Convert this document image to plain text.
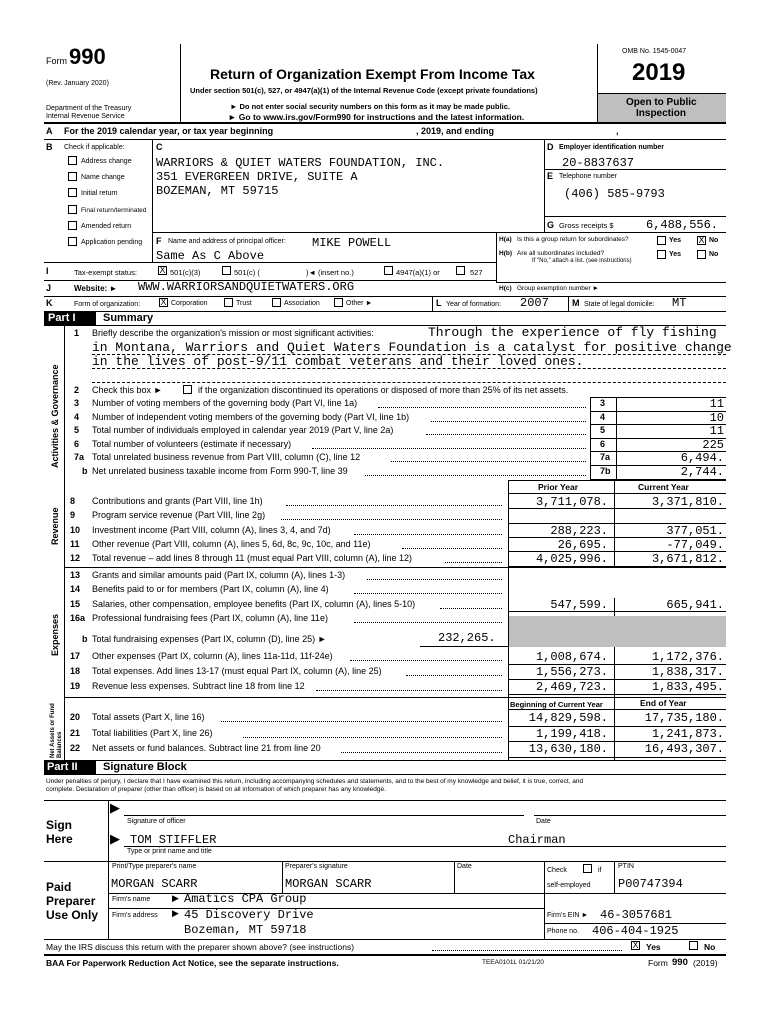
Form 990
(Rev. January 2020)
Department of the Treasury
Internal Revenue Service
Return of Organization Exempt From Income Tax
Under section 501(c), 527, or 4947(a)(1) of the Internal Revenue Code (except private foundations)
► Do not enter social security numbers on this form as it may be made public.
► Go to www.irs.gov/Form990 for instructions and the latest information.
OMB No. 1545-0047
2019
Open to Public
Inspection
A For the 2019 calendar year, or tax year beginning	, 2019, and ending	,
B Check if applicable:
Address change
Name change
Initial return
Final return/terminated
Amended return
Application pending
C
WARRIORS & QUIET WATERS FOUNDATION, INC.
351 EVERGREEN DRIVE, SUITE A
BOZEMAN, MT 59715
D Employer identification number
20-8837637
E Telephone number
(406) 585-9793
G Gross receipts $	6,488,556.
F Name and address of principal officer: MIKE POWELL
Same As C Above
H(a) Is this a group return for subordinates?	Yes X No
H(b) Are all subordinates included?
If "No," attach a list. (see instructions)
Yes	No
H(c) Group exemption number ►
I	Tax-exempt status:	X 501(c)(3)	501(c) (	)◄ (insert no.)	4947(a)(1) or	527
J	Website: ► WWW.WARRIORSANDQUIETWATERS.ORG
K	Form of organization: X Corporation	Trust	Association	Other ►	L Year of formation: 2007	M State of legal domicile: MT
Part I Summary
Activities & Governance
Revenue
Expenses
Net Assets or Fund Balances
1 Briefly describe the organization's mission or most significant activities:	Through the experience of fly fishing
in Montana, Warriors and Quiet Waters Foundation is a catalyst for positive change
in the lives of post-9/11 combat veterans and their loved ones.
2 Check this box ►	if the organization discontinued its operations or disposed of more than 25% of its net assets.
3 Number of voting members of the governing body (Part VI, line 1a)	3	11
4 Number of independent voting members of the governing body (Part VI, line 1b)	4	10
5 Total number of individuals employed in calendar year 2019 (Part V, line 2a)	5	11
6 Total number of volunteers (estimate if necessary)	6	225
7a Total unrelated business revenue from Part VIII, column (C), line 12	7a	6,494.
b Net unrelated business taxable income from Form 990-T, line 39	7b	2,744.
Prior Year	Current Year
8 Contributions and grants (Part VIII, line 1h)	3,711,078.	3,371,810.
9 Program service revenue (Part VIII, line 2g)
10 Investment income (Part VIII, column (A), lines 3, 4, and 7d)	288,223.	377,051.
11 Other revenue (Part VIII, column (A), lines 5, 6d, 8c, 9c, 10c, and 11e)	26,695.	-77,049.
12 Total revenue – add lines 8 through 11 (must equal Part VIII, column (A), line 12)	4,025,996.	3,671,812.
13 Grants and similar amounts paid (Part IX, column (A), lines 1-3)
14 Benefits paid to or for members (Part IX, column (A), line 4)
15 Salaries, other compensation, employee benefits (Part IX, column (A), lines 5-10)	547,599.	665,941.
16a Professional fundraising fees (Part IX, column (A), line 11e)
b Total fundraising expenses (Part IX, column (D), line 25) ►	232,265.
17 Other expenses (Part IX, column (A), lines 11a-11d, 11f-24e)	1,008,674.	1,172,376.
18 Total expenses. Add lines 13-17 (must equal Part IX, column (A), line 25)	1,556,273.	1,838,317.
19 Revenue less expenses. Subtract line 18 from line 12	2,469,723.	1,833,495.
Beginning of Current Year	End of Year
20 Total assets (Part X, line 16)	14,829,598.	17,735,180.
21 Total liabilities (Part X, line 26)	1,199,418.	1,241,873.
22 Net assets or fund balances. Subtract line 21 from line 20	13,630,180.	16,493,307.
Part II Signature Block
Under penalties of perjury, I declare that I have examined this return, including accompanying schedules and statements, and to the best of my knowledge and belief, it is true, correct, and
complete. Declaration of preparer (other than officer) is based on all information of which preparer has any knowledge.
Sign
Here
▶
Signature of officer	Date
▶ TOM STIFFLER	Chairman
Type or print name and title
Paid
Preparer
Use Only
Print/Type preparer's name	Preparer's signature	Date
Check	if
self-employed
PTIN
MORGAN SCARR	MORGAN SCARR	P00747394
Firm's name ▶ Amatics CPA Group
Firm's address ▶ 45 Discovery Drive
Bozeman, MT 59718
Firm's EIN ► 46-3057681
Phone no. 406-404-1925
May the IRS discuss this return with the preparer shown above? (see instructions)	X Yes	No
BAA For Paperwork Reduction Act Notice, see the separate instructions.	TEEA0101L 01/21/20	Form 990 (2019)
